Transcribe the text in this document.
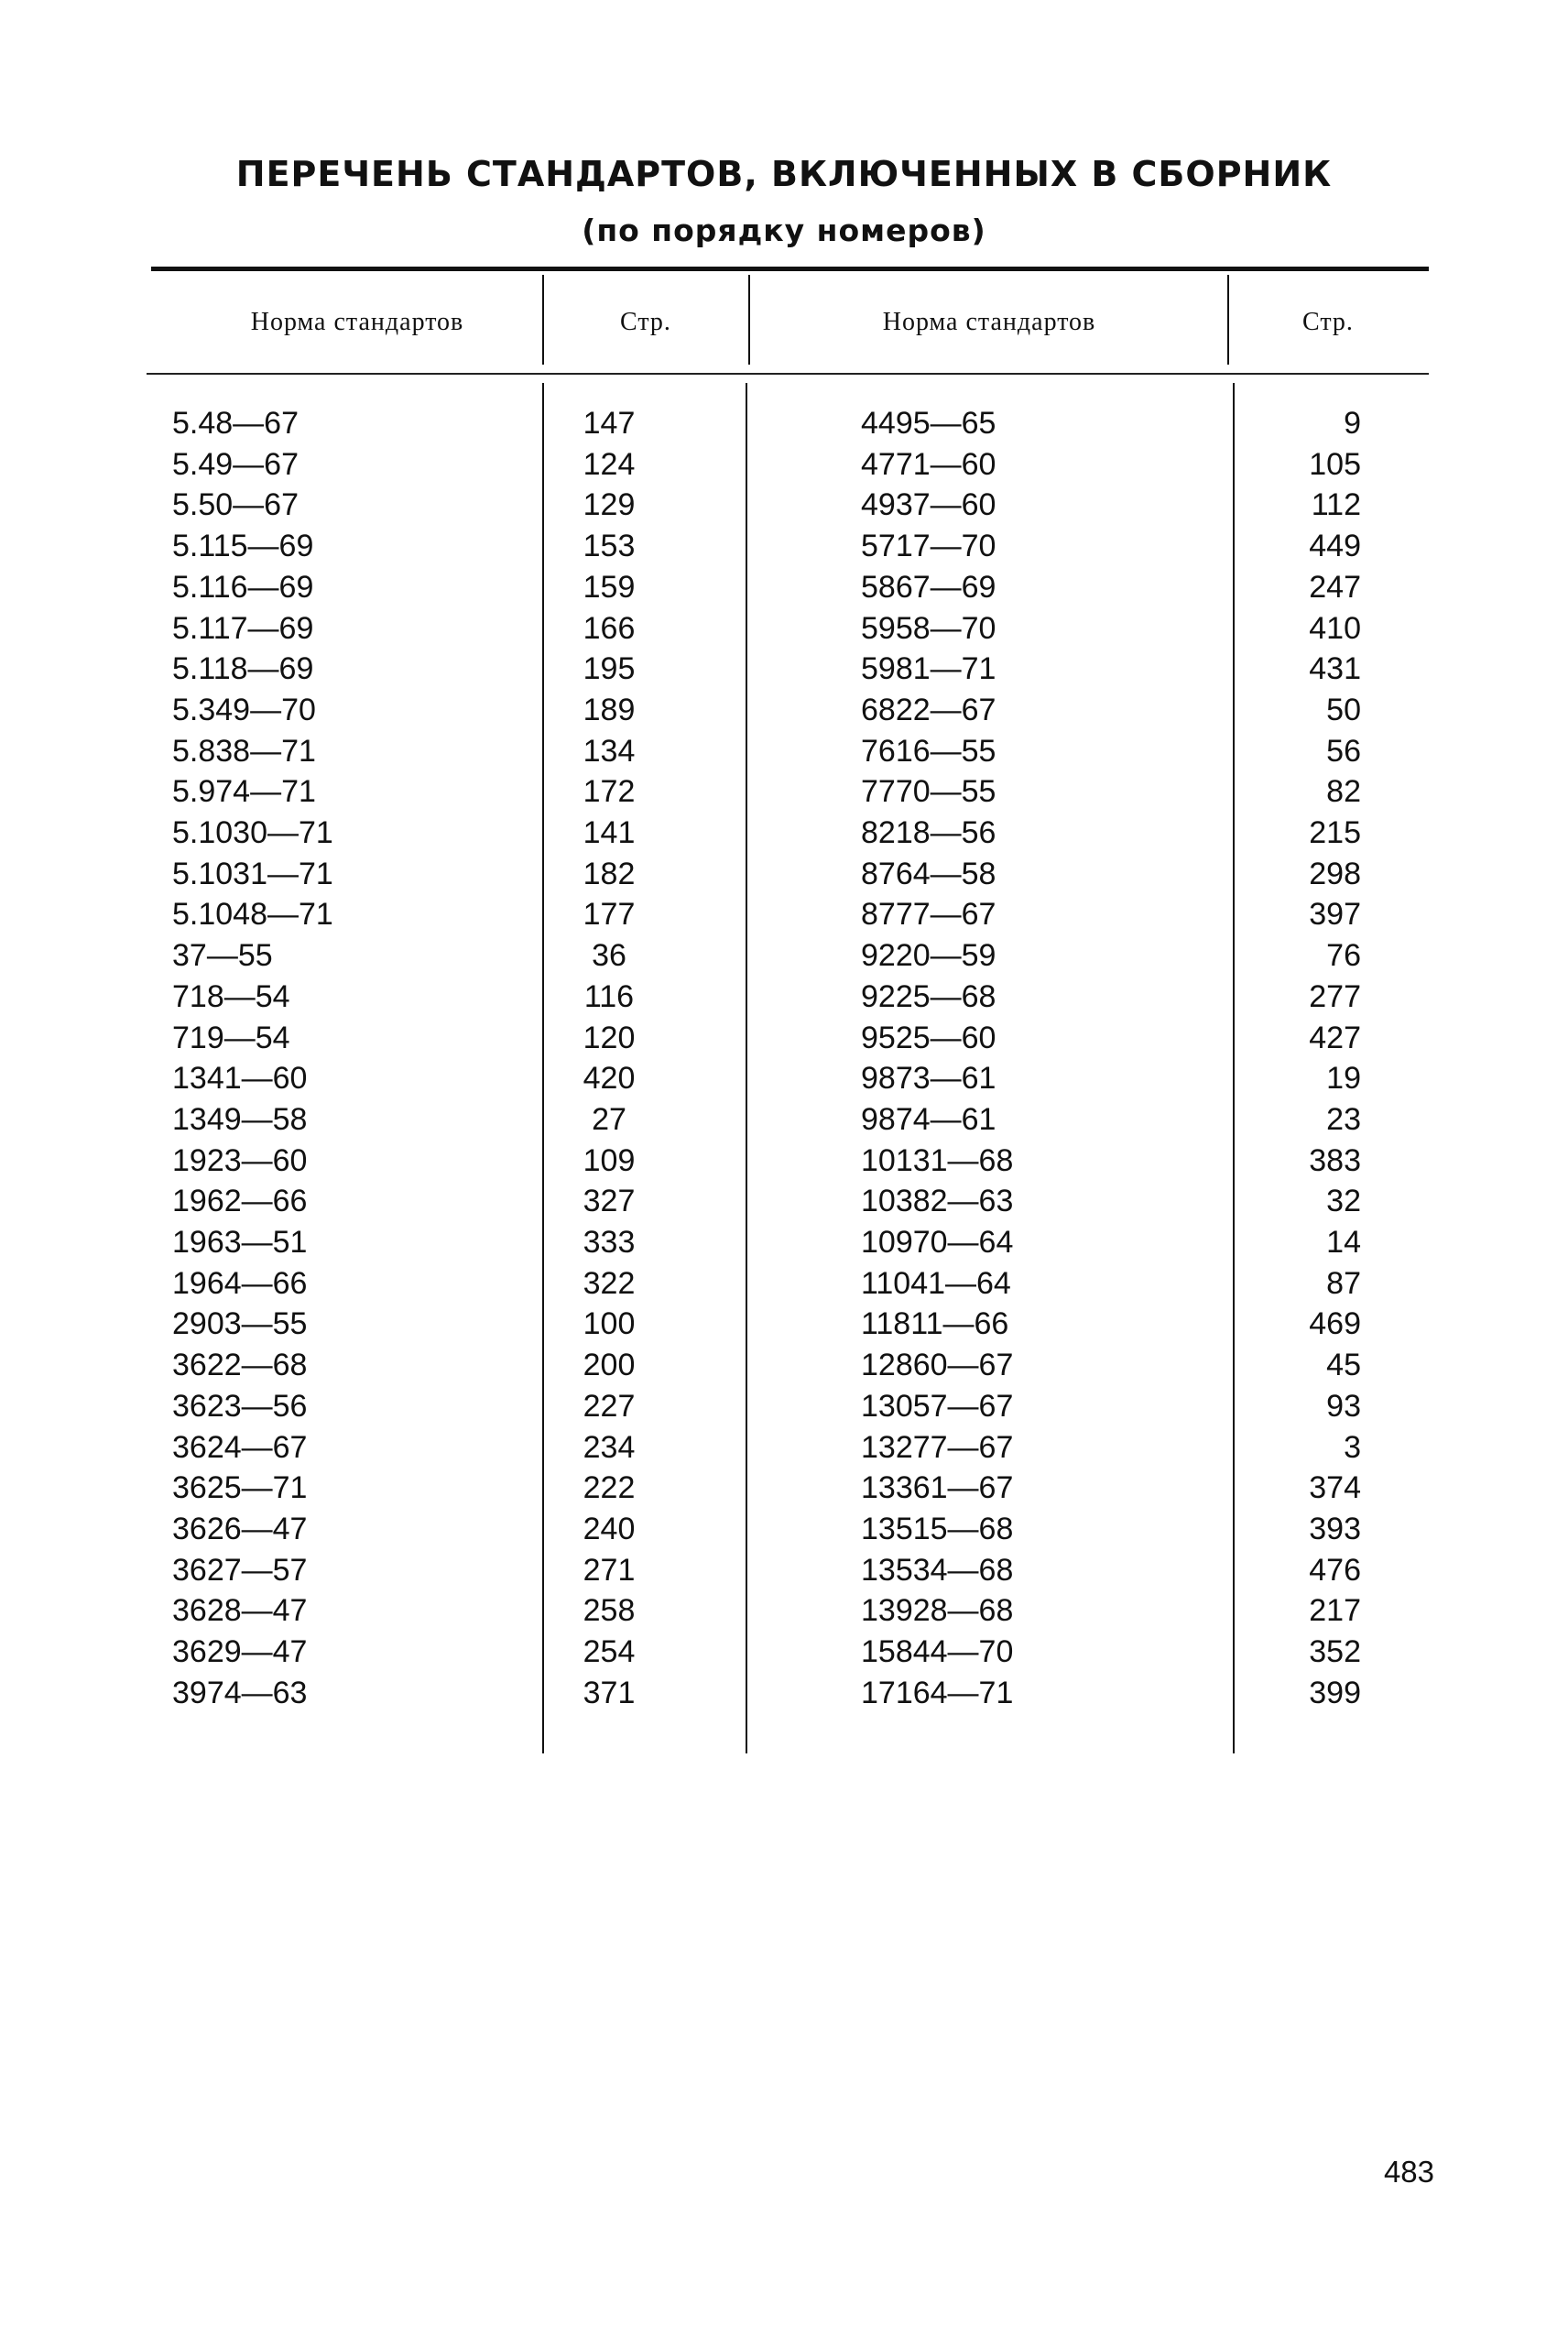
ПЕРЕЧЕНЬ СТАНДАРТОВ, ВКЛЮЧЕННЫХ В СБОРНИК
(по порядку номеров)
Норма стандартов	Стр.	Норма стандартов	Стр.
5.48—67	147	4495—65	9
5.49—67	124	4771—60	105
5.50—67	129	4937—60	112
5.115—69	153	5717—70	449
5.116—69	159	5867—69	247
5.117—69	166	5958—70	410
5.118—69	195	5981—71	431
5.349—70	189	6822—67	50
5.838—71	134	7616—55	56
5.974—71	172	7770—55	82
5.1030—71	141	8218—56	215
5.1031—71	182	8764—58	298
5.1048—71	177	8777—67	397
37—55	36	9220—59	76
718—54	116	9225—68	277
719—54	120	9525—60	427
1341—60	420	9873—61	19
1349—58	27	9874—61	23
1923—60	109	10131—68	383
1962—66	327	10382—63	32
1963—51	333	10970—64	14
1964—66	322	11041—64	87
2903—55	100	11811—66	469
3622—68	200	12860—67	45
3623—56	227	13057—67	93
3624—67	234	13277—67	3
3625—71	222	13361—67	374
3626—47	240	13515—68	393
3627—57	271	13534—68	476
3628—47	258	13928—68	217
3629—47	254	15844—70	352
3974—63	371	17164—71	399
483
